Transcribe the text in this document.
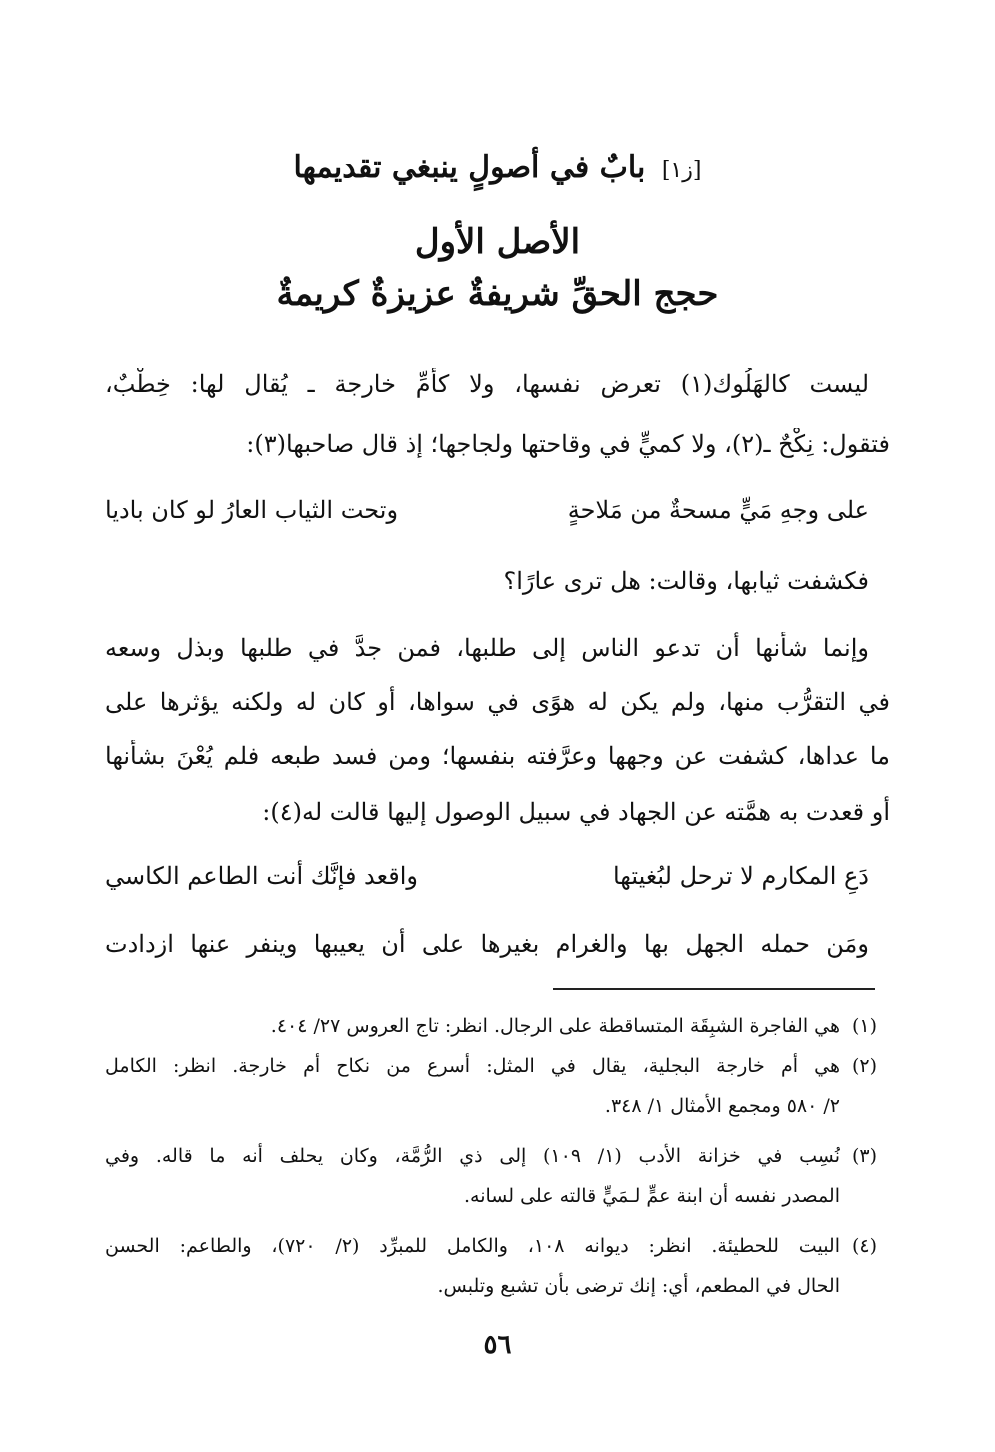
[ز١] بابٌ في أصولٍ ينبغي تقديمها
الأصل الأول
حجج الحقِّ شريفةٌ عزيزةٌ كريمةٌ
ليست كالهَلُوك(١) تعرض نفسها، ولا كأمِّ خارجة ـ يُقال لها: خِطْبٌ،
فتقول: نِكْحٌ ـ(٢)، ولا كميٍّ في وقاحتها ولجاجها؛ إذ قال صاحبها(٣):
على وجهِ مَيٍّ مسحةٌ من مَلاحةٍ
وتحت الثياب العارُ لو كان باديا
فكشفت ثيابها، وقالت: هل ترى عارًا؟
وإنما شأنها أن تدعو الناس إلى طلبها، فمن جدَّ في طلبها وبذل وسعه
في التقرُّب منها، ولم يكن له هوًى في سواها، أو كان له ولكنه يؤثرها على
ما عداها، كشفت عن وجهها وعرَّفته بنفسها؛ ومن فسد طبعه فلم يُعْنَ بشأنها
أو قعدت به همَّته عن الجهاد في سبيل الوصول إليها قالت له(٤):
دَعِ المكارم لا ترحل لبُغيتها
واقعد فإنَّك أنت الطاعم الكاسي
ومَن حمله الجهل بها والغرام بغيرها على أن يعيبها وينفر عنها ازدادت
(١)
هي الفاجرة الشبِقَة المتساقطة على الرجال. انظر: تاج العروس ٢٧/ ٤٠٤.
(٢)
هي أم خارجة البجلية، يقال في المثل: أسرع من نكاح أم خارجة. انظر: الكامل
٢/ ٥٨٠ ومجمع الأمثال ١/ ٣٤٨.
(٣)
نُسِب في خزانة الأدب (١/ ١٠٩) إلى ذي الرُّمَّة، وكان يحلف أنه ما قاله. وفي
المصدر نفسه أن ابنة عمٍّ لـمَيٍّ قالته على لسانه.
(٤)
البيت للحطيئة. انظر: ديوانه ١٠٨، والكامل للمبرِّد (٢/ ٧٢٠)، والطاعم: الحسن
الحال في المطعم، أي: إنك ترضى بأن تشبع وتلبس.
٥٦
